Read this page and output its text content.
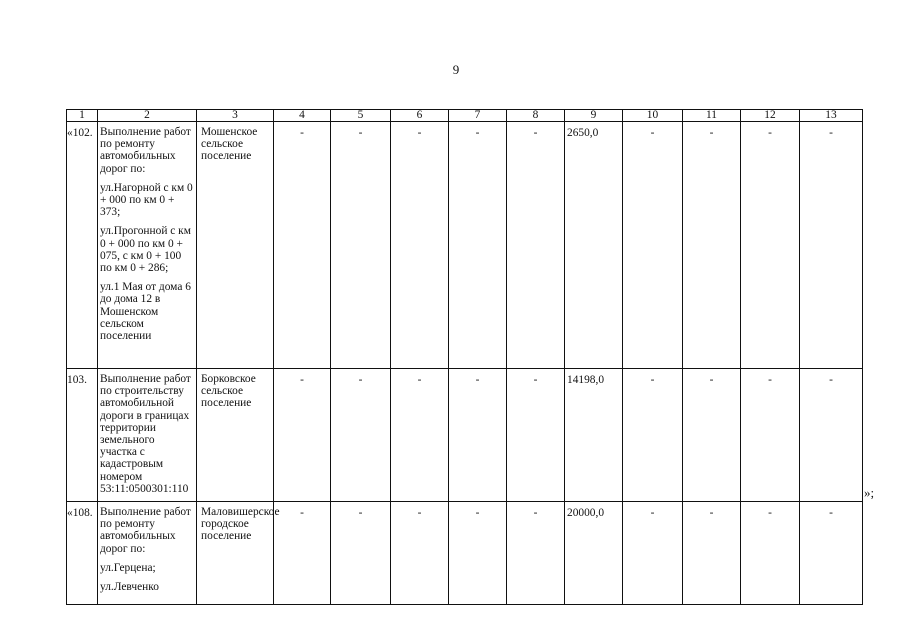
9
1	2	3	4	5	6	7	8	9	10	11	12	13
«102.	Выполнение работ по ремонту автомобильных дорог по:

ул.Нагорной с км 0 + 000 по км 0 + 373;

ул.Прогонной с км 0 + 000 по км 0 + 075, с км 0 + 100 по км 0 + 286;

ул.1 Мая от дома 6 до дома 12 в Мошенском сельском поселении	Мошенское сельское поселение	-	-	-	-	-	2650,0	-	-	-	-
103.	Выполнение работ по строительству автомобильной дороги в границах территории земельного участка с кадастровым номером 53:11:0500301:110	Борковское сельское поселение	-	-	-	-	-	14198,0	-	-	-	-
«108.	Выполнение работ по ремонту автомобильных дорог по:

ул.Герцена;

ул.Левченко	Маловишерское городское поселение	-	-	-	-	-	20000,0	-	-	-	-
»;
